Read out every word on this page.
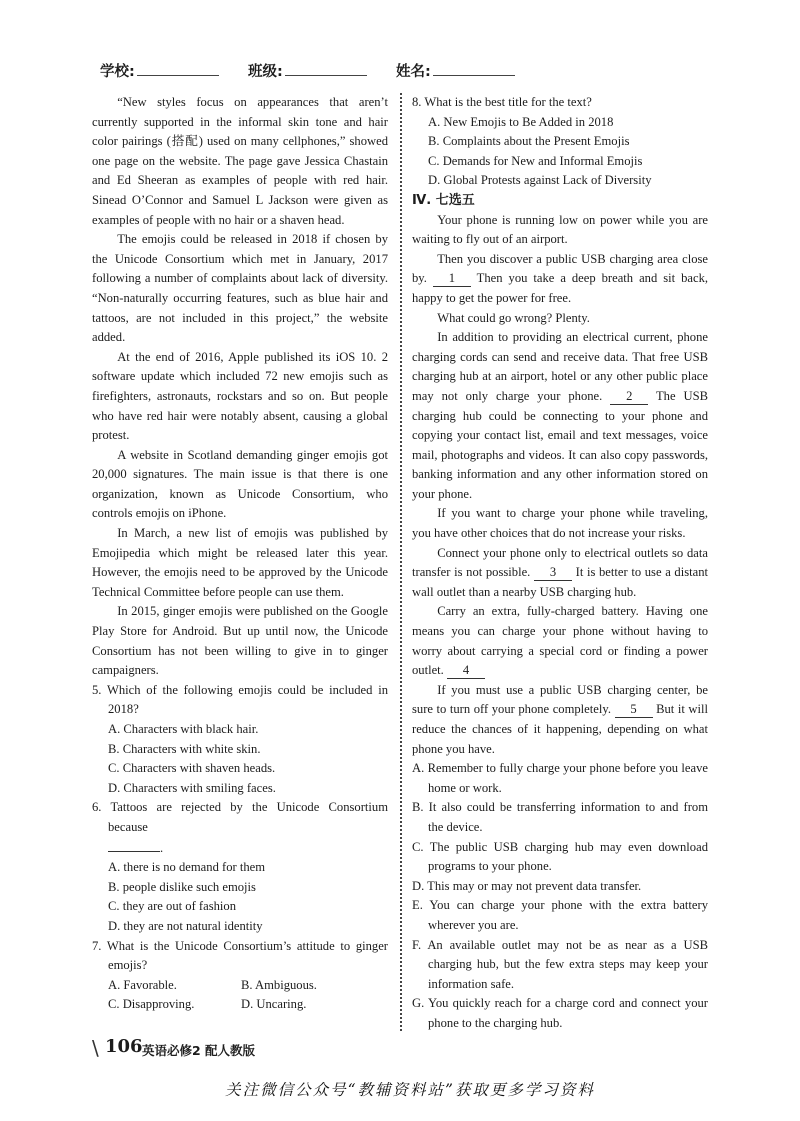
学校:	班级:	姓名:

“New styles focus on appearances that aren’t currently supported in the informal skin tone and hair color pairings (搭配) used on many cellphones,” showed one page on the website. The page gave Jessica Chastain and Ed Sheeran as examples of people with red hair. Sinead O’Connor and Samuel L Jackson were given as examples of people with no hair or a shaven head.

The emojis could be released in 2018 if chosen by the Unicode Consortium which met in January, 2017 following a number of complaints about lack of diversity. “Non-naturally occurring features, such as blue hair and tattoos, are not included in this project,” the website added.

At the end of 2016, Apple published its iOS 10. 2 software update which included 72 new emojis such as firefighters, astronauts, rockstars and so on. But people who have red hair were notably absent, causing a global protest.

A website in Scotland demanding ginger emojis got 20,000 signatures. The main issue is that there is one organization, known as Unicode Consortium, who controls emojis on iPhone.

In March, a new list of emojis was published by Emojipedia which might be released later this year. However, the emojis need to be approved by the Unicode Technical Committee before people can use them.

In 2015, ginger emojis were published on the Google Play Store for Android. But up until now, the Unicode Consortium has not been willing to give in to ginger campaigners.

5. Which of the following emojis could be included in 2018?

A. Characters with black hair.

B. Characters with white skin.

C. Characters with shaven heads.

D. Characters with smiling faces.

6. Tattoos are rejected by the Unicode Consortium because

.

A. there is no demand for them

B. people dislike such emojis

C. they are out of fashion

D. they are not natural identity

7. What is the Unicode Consortium’s attitude to ginger emojis?

A. Favorable.	B. Ambiguous.

C. Disapproving.	D. Uncaring.

8. What is the best title for the text?

A. New Emojis to Be Added in 2018

B. Complaints about the Present Emojis

C. Demands for New and Informal Emojis

D. Global Protests against Lack of Diversity

Ⅳ. 七选五

Your phone is running low on power while you are waiting to fly out of an airport.

Then you discover a public USB charging area close by. 1 Then you take a deep breath and sit back, happy to get the power for free.

What could go wrong? Plenty.

In addition to providing an electrical current, phone charging cords can send and receive data. That free USB charging hub at an airport, hotel or any other public place may not only charge your phone. 2 The USB charging hub could be connecting to your phone and copying your contact list, email and text messages, voice mail, photographs and videos. It can also copy passwords, banking information and any other information stored on your phone.

If you want to charge your phone while traveling, you have other choices that do not increase your risks.

Connect your phone only to electrical outlets so data transfer is not possible. 3 It is better to use a distant wall outlet than a nearby USB charging hub.

Carry an extra, fully-charged battery. Having one means you can charge your phone without having to worry about carrying a special cord or finding a power outlet. 4

If you must use a public USB charging center, be sure to turn off your phone completely. 5 But it will reduce the chances of it happening, depending on what phone you have.

A. Remember to fully charge your phone before you leave home or work.

B. It also could be transferring information to and from the device.

C. The public USB charging hub may even download programs to your phone.

D. This may or may not prevent data transfer.

E. You can charge your phone with the extra battery wherever you are.

F. An available outlet may not be as near as a USB charging hub, but the few extra steps may keep your information safe.

G. You quickly reach for a charge cord and connect your phone to the charging hub.

\ 106 英语必修2 配人教版
关注微信公众号“教辅资料站”获取更多学习资料
